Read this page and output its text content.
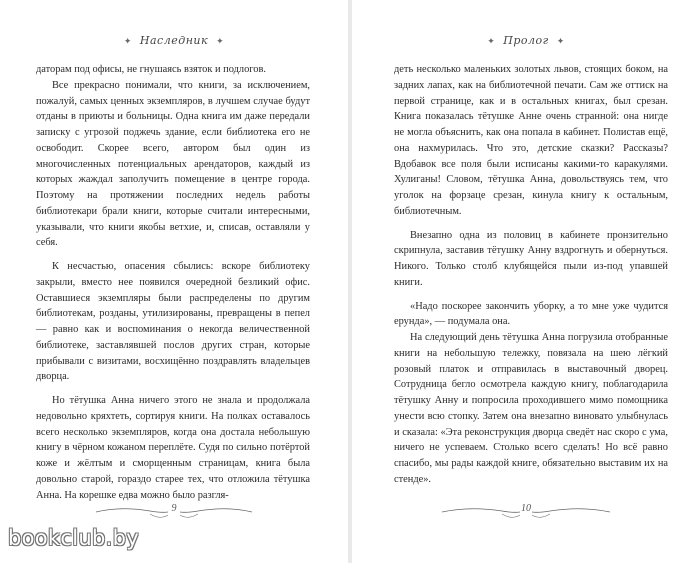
✦ Наследник ✦

даторам под офисы, не гнушаясь взяток и подлогов.

Все прекрасно понимали, что книги, за исключением, пожалуй, самых ценных экземпляров, в лучшем случае будут отданы в приюты и больницы. Одна книга им даже передали записку с угрозой поджечь здание, если библиотека его не освободит. Скорее всего, автором был один из многочисленных потенциальных арендаторов, каждый из которых жаждал заполучить помещение в центре города. Поэтому на протяжении последних недель работы библиотекари брали книги, которые считали интересными, указывали, что книги якобы ветхие, и, списав, оставляли у себя.

К несчастью, опасения сбылись: вскоре библиотеку закрыли, вместо нее появился очередной безликий офис. Оставшиеся экземпляры были распределены по другим библиотекам, розданы, утилизированы, превращены в пепел — равно как и воспоминания о некогда величественной библиотеке, заставлявшей послов других стран, которые прибывали с визитами, восхищённо поздравлять владельцев дворца.

Но тётушка Анна ничего этого не знала и продолжала недовольно кряхтеть, сортируя книги. На полках оставалось всего несколько экземпляров, когда она достала небольшую книгу в чёрном кожаном переплёте. Судя по сильно потёртой коже и жёлтым и сморщенным страницам, книга была довольно старой, гораздо старее тех, что отложила тётушка Анна. На корешке едва можно было разгля-

9
✦ Пролог ✦

деть несколько маленьких золотых львов, стоящих боком, на задних лапах, как на библиотечной печати. Сам же оттиск на первой странице, как и в остальных книгах, был срезан. Книга показалась тётушке Анне очень странной: она нигде не могла объяснить, как она попала в кабинет. Полистав ещё, она нахмурилась. Что это, детские сказки? Рассказы? Вдобавок все поля были исписаны какими-то каракулями. Хулиганы! Словом, тётушка Анна, довольствуясь тем, что уголок на форзаце срезан, кинула книгу к остальным, библиотечным.

Внезапно одна из половиц в кабинете пронзительно скрипнула, заставив тётушку Анну вздрогнуть и обернуться. Никого. Только столб клубящейся пыли из-под упавшей книги.

«Надо поскорее закончить уборку, а то мне уже чудится ерунда», — подумала она.

На следующий день тётушка Анна погрузила отобранные книги на небольшую тележку, повязала на шею лёгкий розовый платок и отправилась в выставочный дворец. Сотрудница бегло осмотрела каждую книгу, поблагодарила тётушку Анну и попросила проходившего мимо помощника унести всю стопку. Затем она внезапно виновато улыбнулась и сказала: «Эта реконструкция дворца сведёт нас скоро с ума, ничего не успеваем. Столько всего сделать! Но всё равно спасибо, мы рады каждой книге, обязательно выставим их на стенде».

10
bookclub.by
